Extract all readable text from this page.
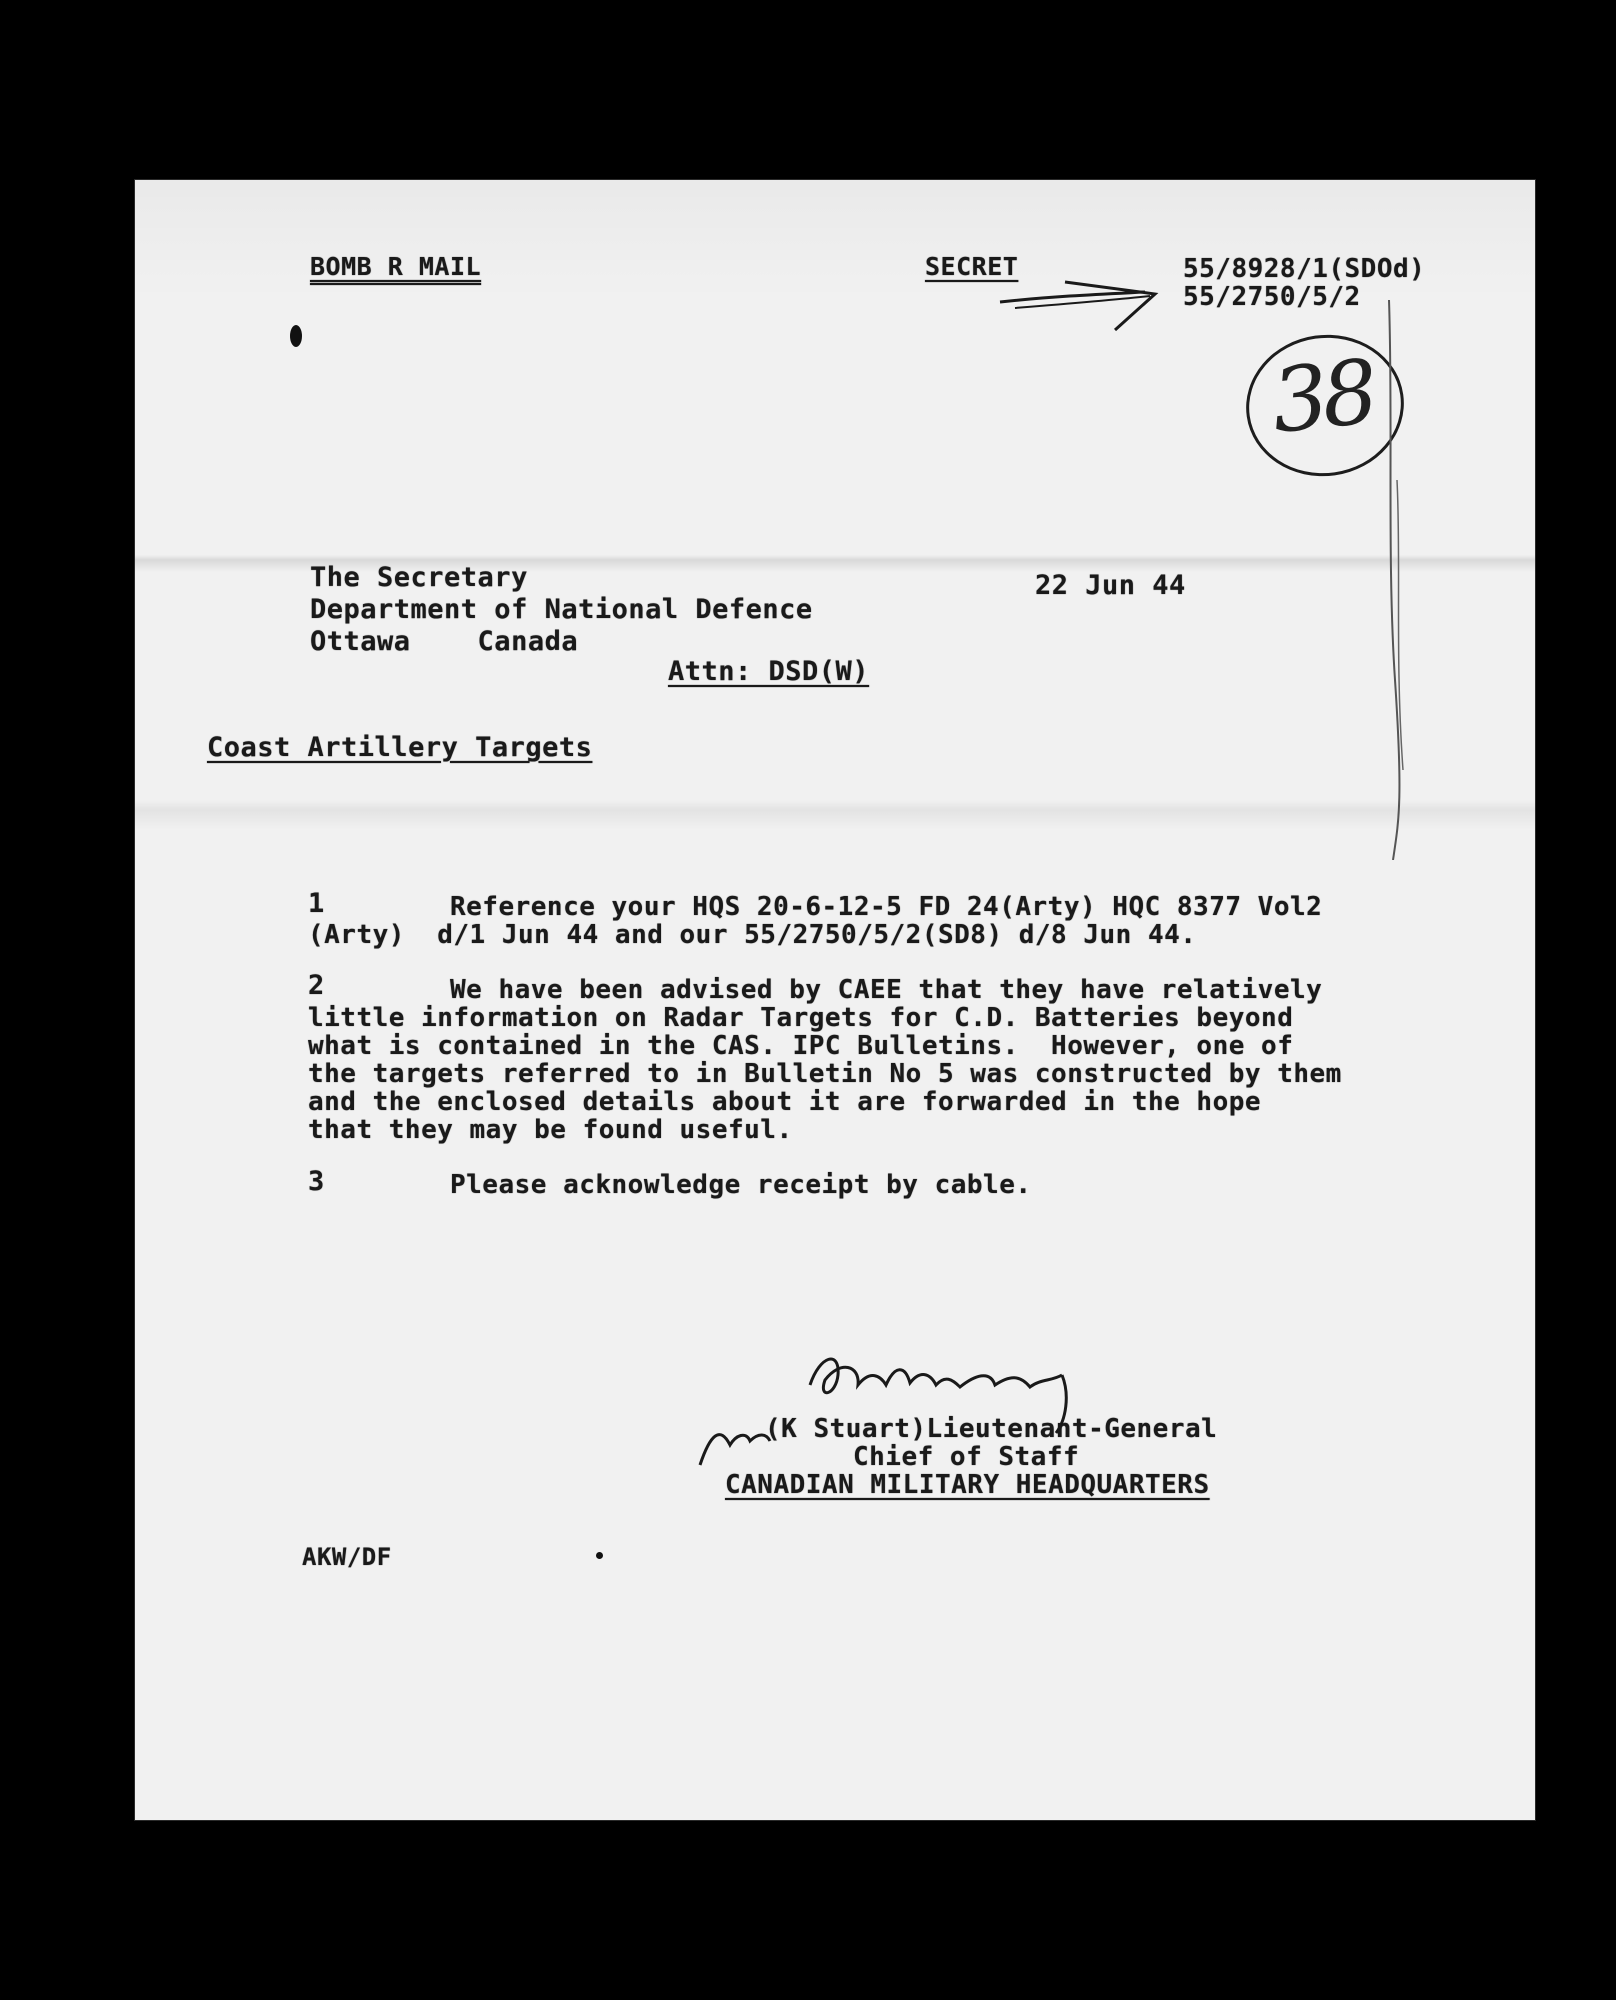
BOMB R MAIL	SECRET	55/8928/1(SDOd)
55/2750/5/2
38
The Secretary
Department of National Defence
Ottawa    Canada
22 Jun 44
Attn: DSD(W)
Coast Artillery Targets
1	Reference your HQS 20-6-12-5 FD 24(Arty) HQC 8377 Vol2
(Arty)  d/1 Jun 44 and our 55/2750/5/2(SD8) d/8 Jun 44.
2	We have been advised by CAEE that they have relatively
little information on Radar Targets for C.D. Batteries beyond
what is contained in the CAS. IPC Bulletins.  However, one of
the targets referred to in Bulletin No 5 was constructed by them
and the enclosed details about it are forwarded in the hope
that they may be found useful.
3	Please acknowledge receipt by cable.
(K Stuart)Lieutenant-General
Chief of Staff
CANADIAN MILITARY HEADQUARTERS
AKW/DF
